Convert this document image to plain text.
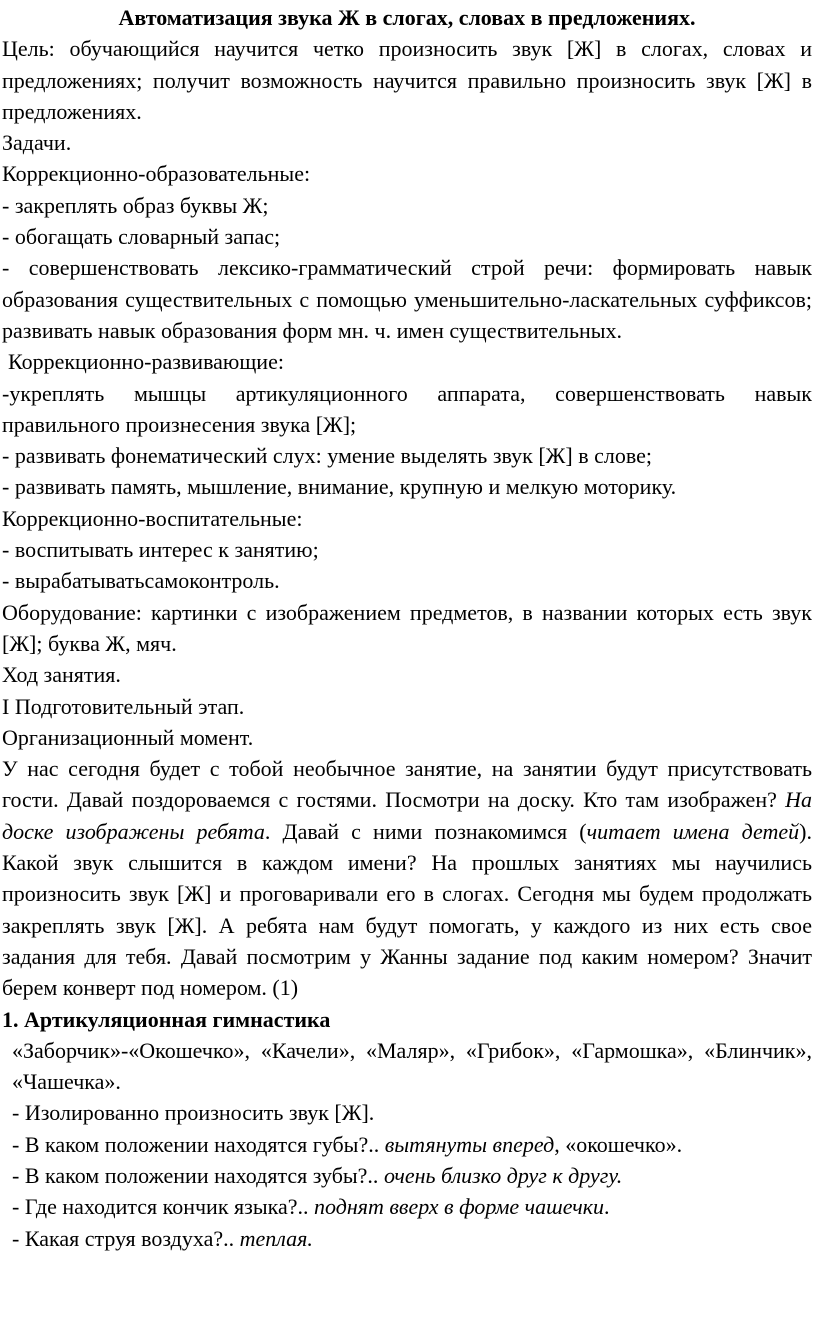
Автоматизация звука Ж в слогах, словах в предложениях.

Цель: обучающийся научится четко произносить звук [Ж] в слогах, словах и предложениях; получит возможность научится правильно произносить звук [Ж] в предложениях.

Задачи.

Коррекционно-образовательные:

- закреплять образ буквы Ж;

- обогащать словарный запас;

- совершенствовать лексико-грамматический строй речи: формировать навык образования существительных с помощью уменьшительно-ласкательных суффиксов; развивать навык образования форм мн. ч. имен существительных.

Коррекционно-развивающие:

-укреплять мышцы артикуляционного аппарата, совершенствовать навык правильного произнесения звука [Ж];

- развивать фонематический слух: умение выделять звук [Ж] в слове;

- развивать память, мышление, внимание, крупную и мелкую моторику.

Коррекционно-воспитательные:

- воспитывать интерес к занятию;

- вырабатыватьсамоконтроль.

Оборудование: картинки с изображением предметов, в названии которых есть звук [Ж]; буква Ж, мяч.

Ход занятия.

I Подготовительный этап.

Организационный момент.

У нас сегодня будет с тобой необычное занятие, на занятии будут присутствовать гости. Давай поздороваемся с гостями. Посмотри на доску. Кто там изображен? На доске изображены ребята. Давай с ними познакомимся (читает имена детей). Какой звук слышится в каждом имени? На прошлых занятиях мы научились произносить звук [Ж] и проговаривали его в слогах. Сегодня мы будем продолжать закреплять звук [Ж]. А ребята нам будут помогать, у каждого из них есть свое задания для тебя. Давай посмотрим у Жанны задание под каким номером? Значит берем конверт под номером. (1)

1. Артикуляционная гимнастика

«Заборчик»-«Окошечко», «Качели», «Маляр», «Грибок», «Гармошка», «Блинчик», «Чашечка».

- Изолированно произносить звук [Ж].

- В каком положении находятся губы?.. вытянуты вперед, «окошечко».

- В каком положении находятся зубы?.. очень близко друг к другу.

- Где находится кончик языка?.. поднят вверх в форме чашечки.

- Какая струя воздуха?.. теплая.
